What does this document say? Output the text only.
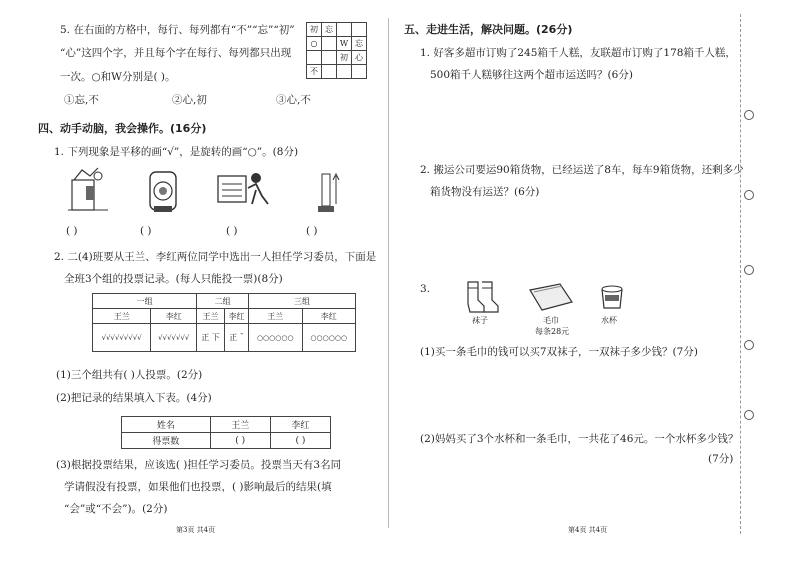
5. 在右面的方格中，每行、每列都有“不”“忘”“初”
“心”这四个字，并且每个字在每行、每列都只出现
一次。○和W分别是( )。
初	忘		
○		W	忘
		初	心
不			
①忘,不	②心,初	③心,不
四、动手动脑，我会操作。(16分)
1. 下列现象是平移的画“√”，是旋转的画“○”。(8分)
( )	( )	( )	( )
2. 二(4)班要从王兰、李红两位同学中选出一人担任学习委员，下面是
全班3个组的投票记录。(每人只能投一票)(8分)
一组		二组		三组	
王兰	李红	王兰	李红	王兰	李红
√√√√√√√√√	√√√√√√√	正 下	正 ˉ	○○○○○○	○○○○○○
(1)三个组共有( )人投票。(2分)
(2)把记录的结果填入下表。(4分)
姓名	王兰	李红
得票数	( )	( )
(3)根据投票结果，应该选( )担任学习委员。投票当天有3名同
学请假没有投票，如果他们也投票，( )影响最后的结果(填
“会”或“不会”)。(2分)
第3页 共4页
五、走进生活，解决问题。(26分)
1. 好客多超市订购了245箱千人糕，友联超市订购了178箱千人糕，
500箱千人糕够往这两个超市运送吗？(6分)
2. 搬运公司要运90箱货物，已经运送了8车，每车9箱货物，还剩多少
箱货物没有运送？(6分)
3.
袜子	毛巾
每条28元
水杯
(1)买一条毛巾的钱可以买7双袜子，一双袜子多少钱？(7分)
(2)妈妈买了3个水杯和一条毛巾，一共花了46元。一个水杯多少钱？
(7分)
第4页 共4页
